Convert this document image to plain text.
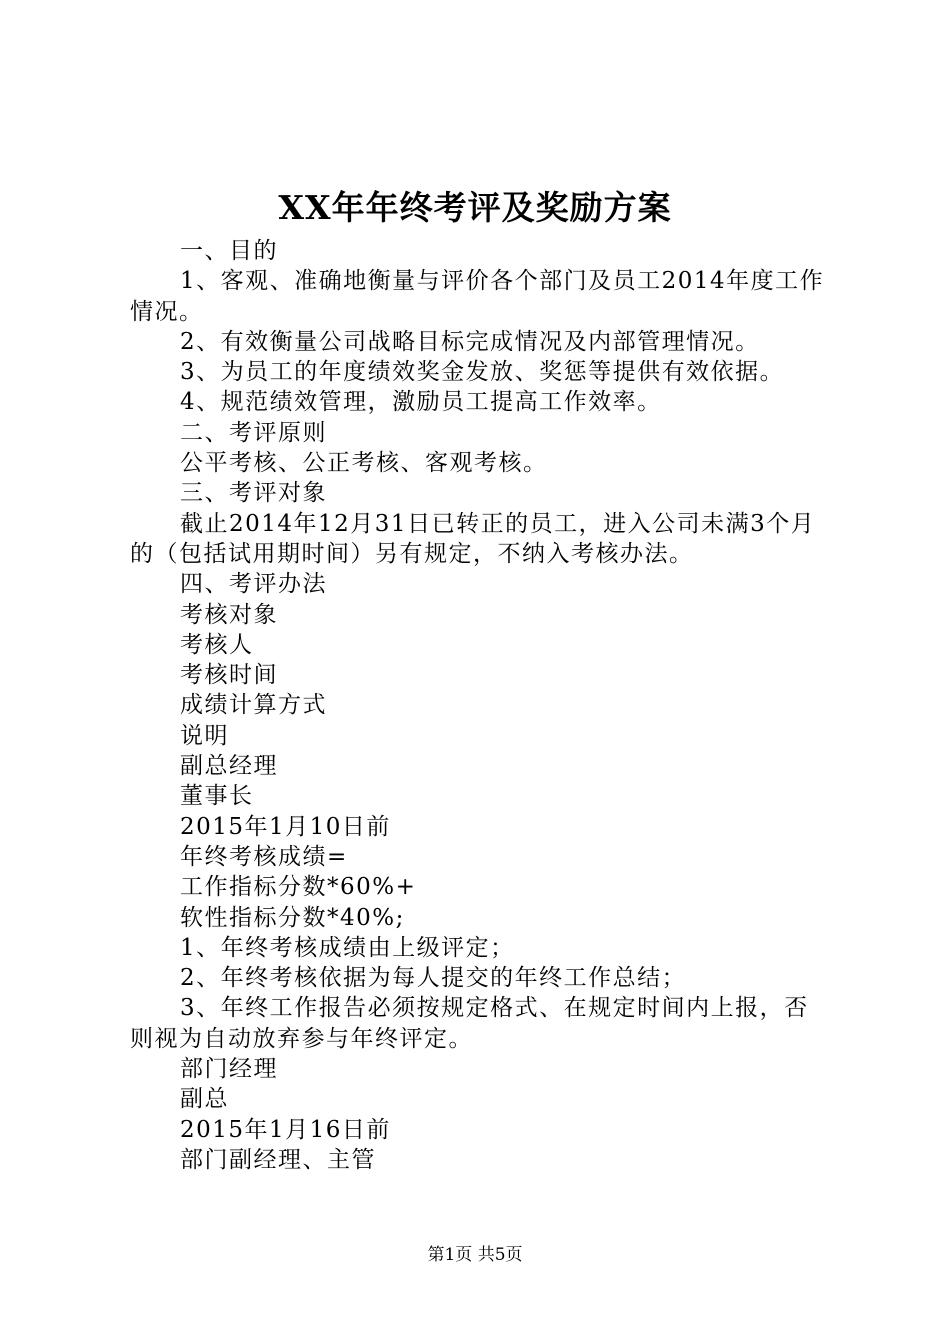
XX年年终考评及奖励方案

一、目的

1、客观、准确地衡量与评价各个部门及员工2014年度工作情况。

2、有效衡量公司战略目标完成情况及内部管理情况。

3、为员工的年度绩效奖金发放、奖惩等提供有效依据。

4、规范绩效管理，激励员工提高工作效率。

二、考评原则

公平考核、公正考核、客观考核。

三、考评对象

截止2014年12月31日已转正的员工，进入公司未满3个月的（包括试用期时间）另有规定，不纳入考核办法。

四、考评办法

考核对象

考核人

考核时间

成绩计算方式

说明

副总经理

董事长

2015年1月10日前

年终考核成绩=

工作指标分数*60%+

软性指标分数*40%;

1、年终考核成绩由上级评定；

2、年终考核依据为每人提交的年终工作总结；

3、年终工作报告必须按规定格式、在规定时间内上报，否则视为自动放弃参与年终评定。

部门经理

副总

2015年1月16日前

部门副经理、主管

第1页 共5页
